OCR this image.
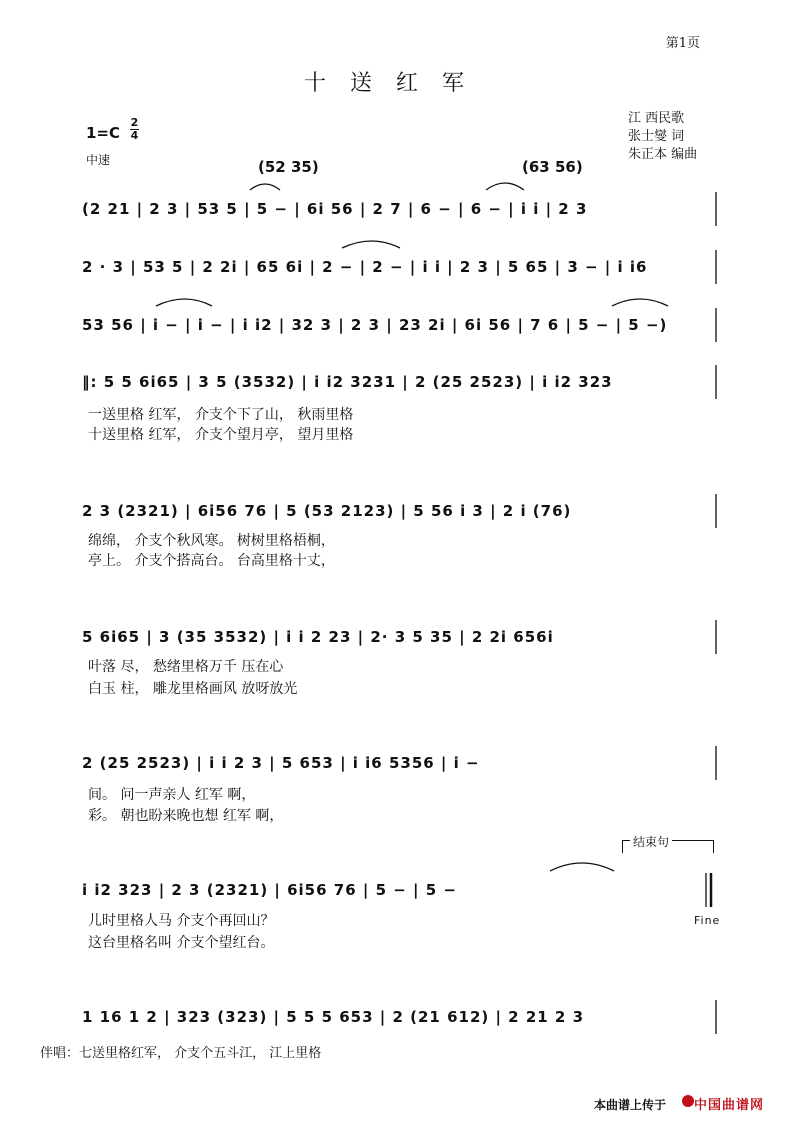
第1页
十送红军
1=C
2
4
中速
江 西民歌
张士燮 词
朱正本 编曲
(52 35)	(63 56)
(2 21 | 2 3 | 53 5 | 5 − | 6i 56 | 2 7 | 6 − | 6 − | i i | 2 3
2 · 3 | 53 5 | 2 2i | 65 6i | 2 − | 2 − | i i | 2 3 | 5 65 | 3 − | i i6
53 56 | i − | i − | i i2 | 32 3 | 2 3 | 23 2i | 6i 56 | 7 6 | 5 − | 5 −)
‖: 5 5 6i65 | 3 5 (3532) | i i2 3231 | 2 (25 2523) | i i2 323
2 3 (2321) | 6i56 76 | 5 (53 2123) | 5 56 i 3 | 2 i (76)
5 6i65 | 3 (35 3532) | i i 2 23 | 2· 3 5 35 | 2 2i 656i
2 (25 2523) | i i 2 3 | 5 653 | i i6 5356 | i −
i i2 323 | 2 3 (2321) | 6i56 76 | 5 − | 5 −
1 16 1 2 | 323 (323) | 5 5 5 653 | 2 (21 612) | 2 21 2 3
一送里格 红军， 介支个下了山， 秋雨里格
十送里格 红军， 介支个望月亭， 望月里格
绵绵， 介支个秋风寒。 树树里格梧桐，
亭上。 介支个搭高台。 台高里格十丈，
叶落 尽， 愁绪里格万千 压在心
白玉 柱， 雕龙里格画风 放呀放光
间。 问一声亲人 红军 啊，
彩。 朝也盼来晚也想 红军 啊，
儿时里格人马 介支个再回山？
这台里格名叫 介支个望红台。
结束句
Fine
伴唱：七送里格红军， 介支个五斗江， 江上里格
本曲谱上传于 中国曲谱网
